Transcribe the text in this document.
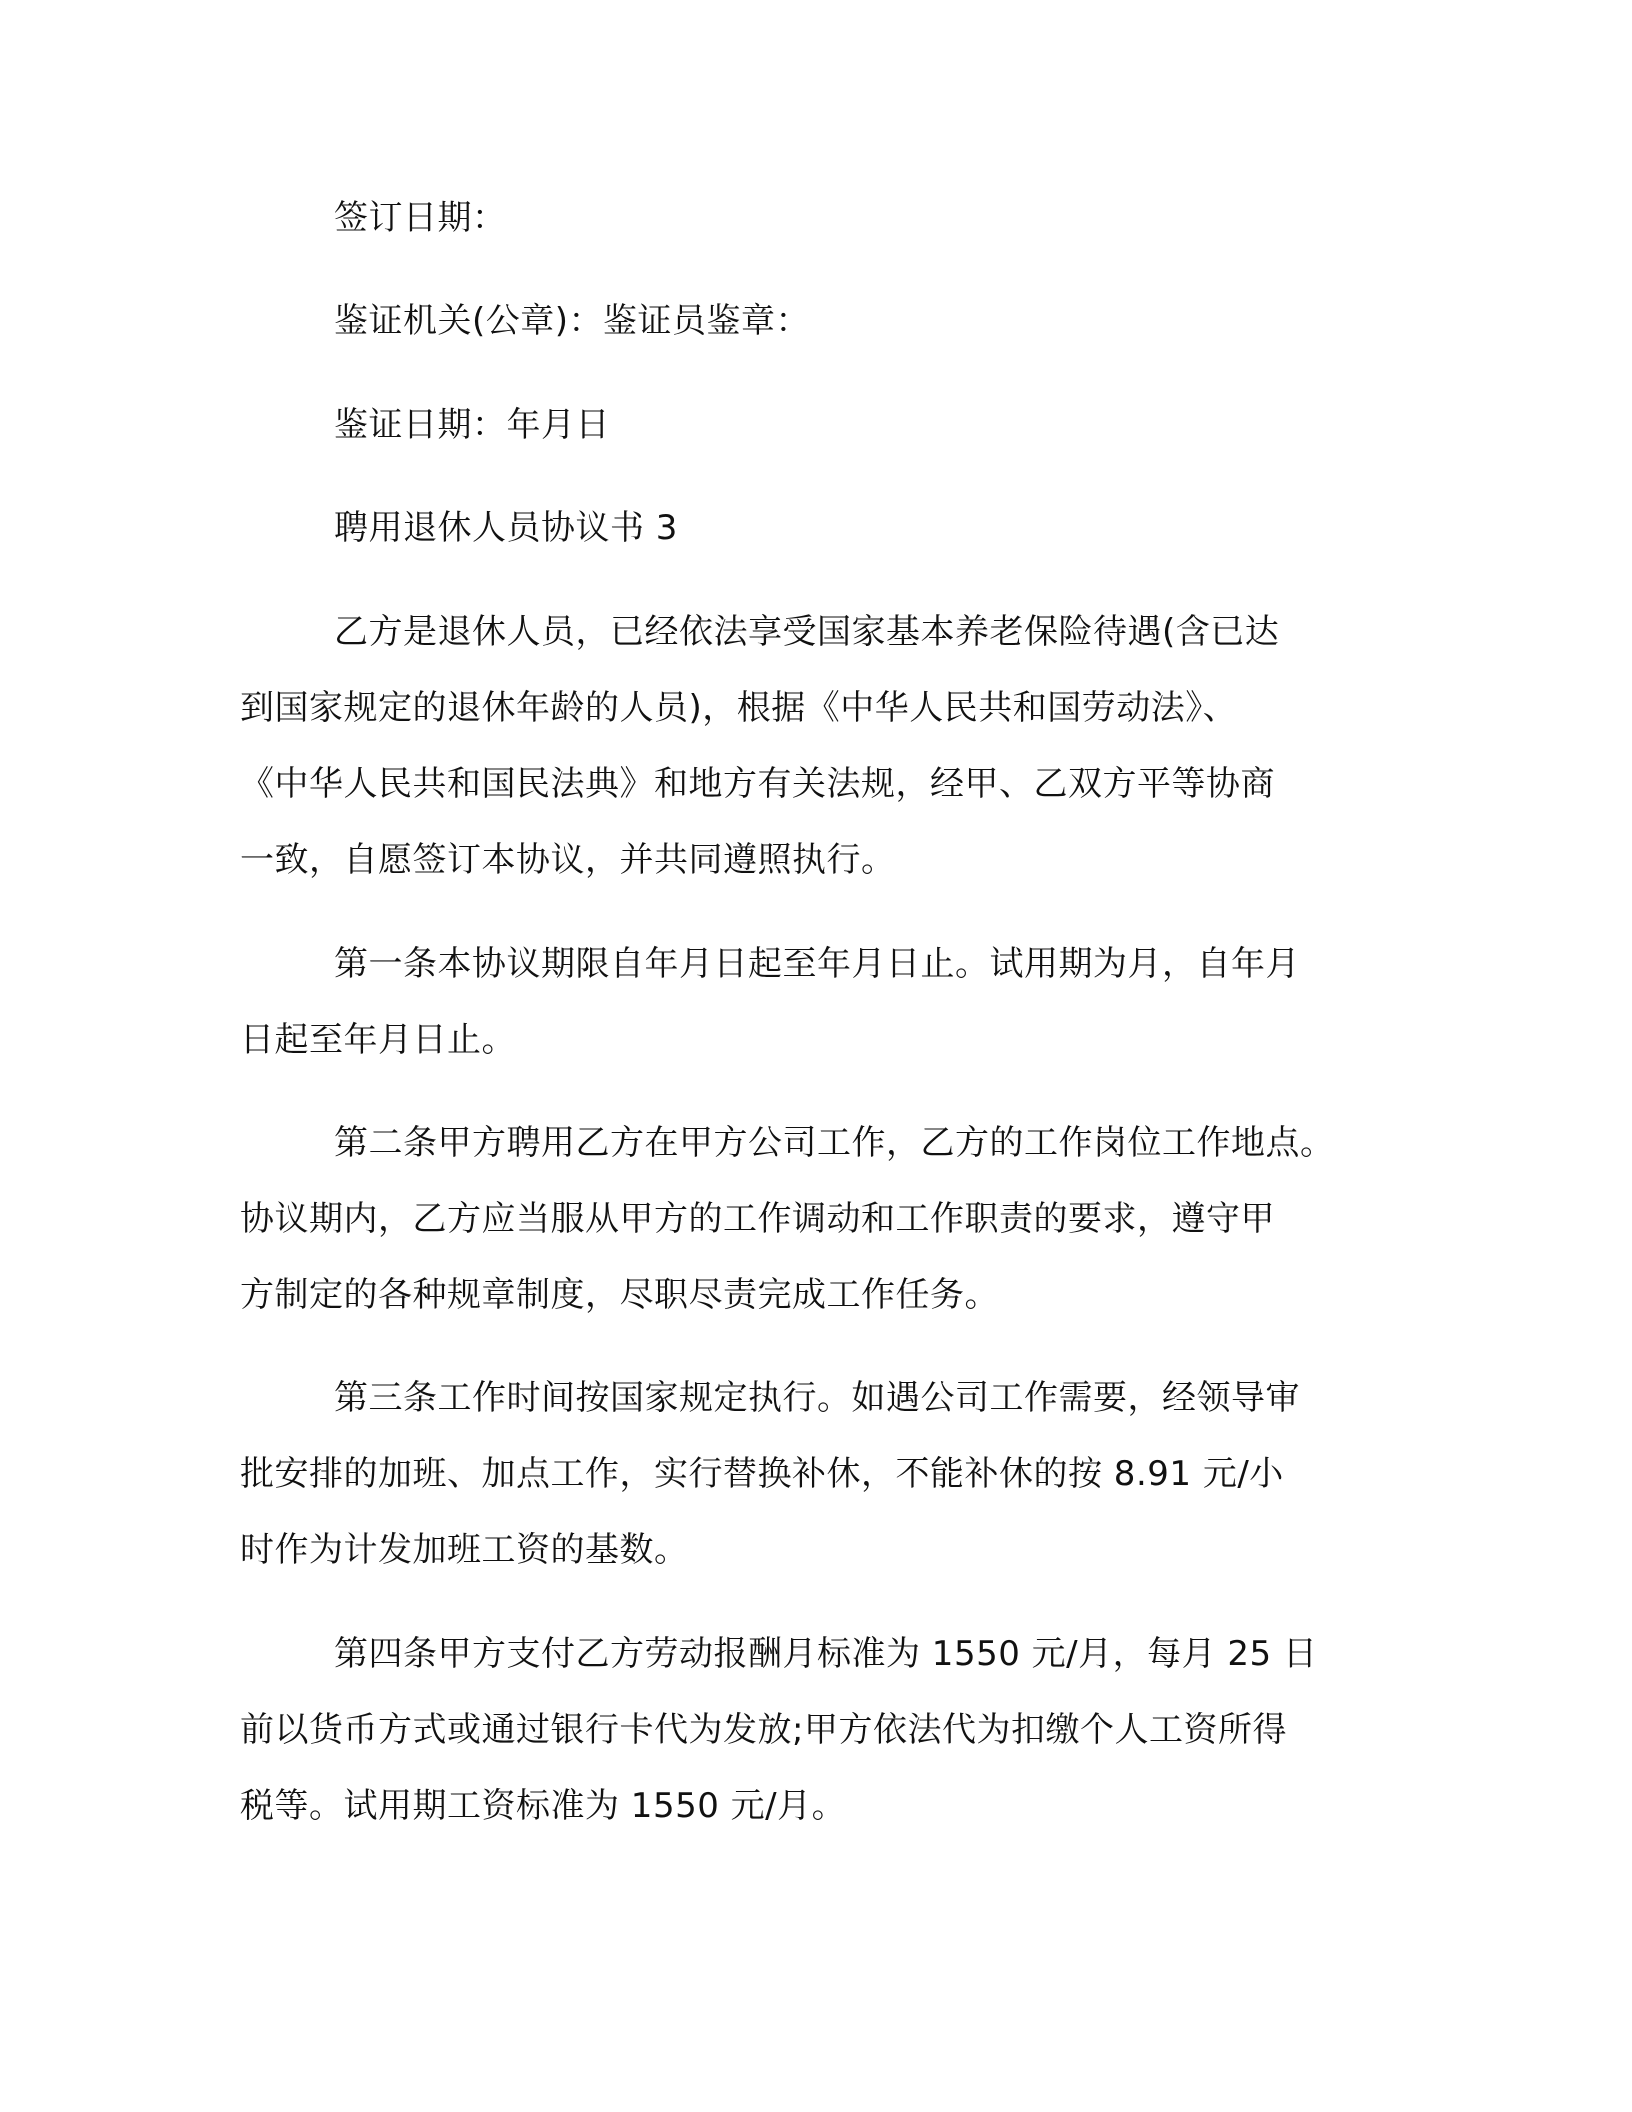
签订日期：
鉴证机关(公章)：鉴证员鉴章：
鉴证日期：年月日
聘用退休人员协议书 3
乙方是退休人员，已经依法享受国家基本养老保险待遇(含已达
到国家规定的退休年龄的人员)，根据《中华人民共和国劳动法》、
《中华人民共和国民法典》和地方有关法规，经甲、乙双方平等协商
一致，自愿签订本协议，并共同遵照执行。
第一条本协议期限自年月日起至年月日止。试用期为月，自年月
日起至年月日止。
第二条甲方聘用乙方在甲方公司工作，乙方的工作岗位工作地点。
协议期内，乙方应当服从甲方的工作调动和工作职责的要求，遵守甲
方制定的各种规章制度，尽职尽责完成工作任务。
第三条工作时间按国家规定执行。如遇公司工作需要，经领导审
批安排的加班、加点工作，实行替换补休，不能补休的按 8.91 元/小
时作为计发加班工资的基数。
第四条甲方支付乙方劳动报酬月标准为 1550 元/月，每月 25 日
前以货币方式或通过银行卡代为发放;甲方依法代为扣缴个人工资所得
税等。试用期工资标准为 1550 元/月。
